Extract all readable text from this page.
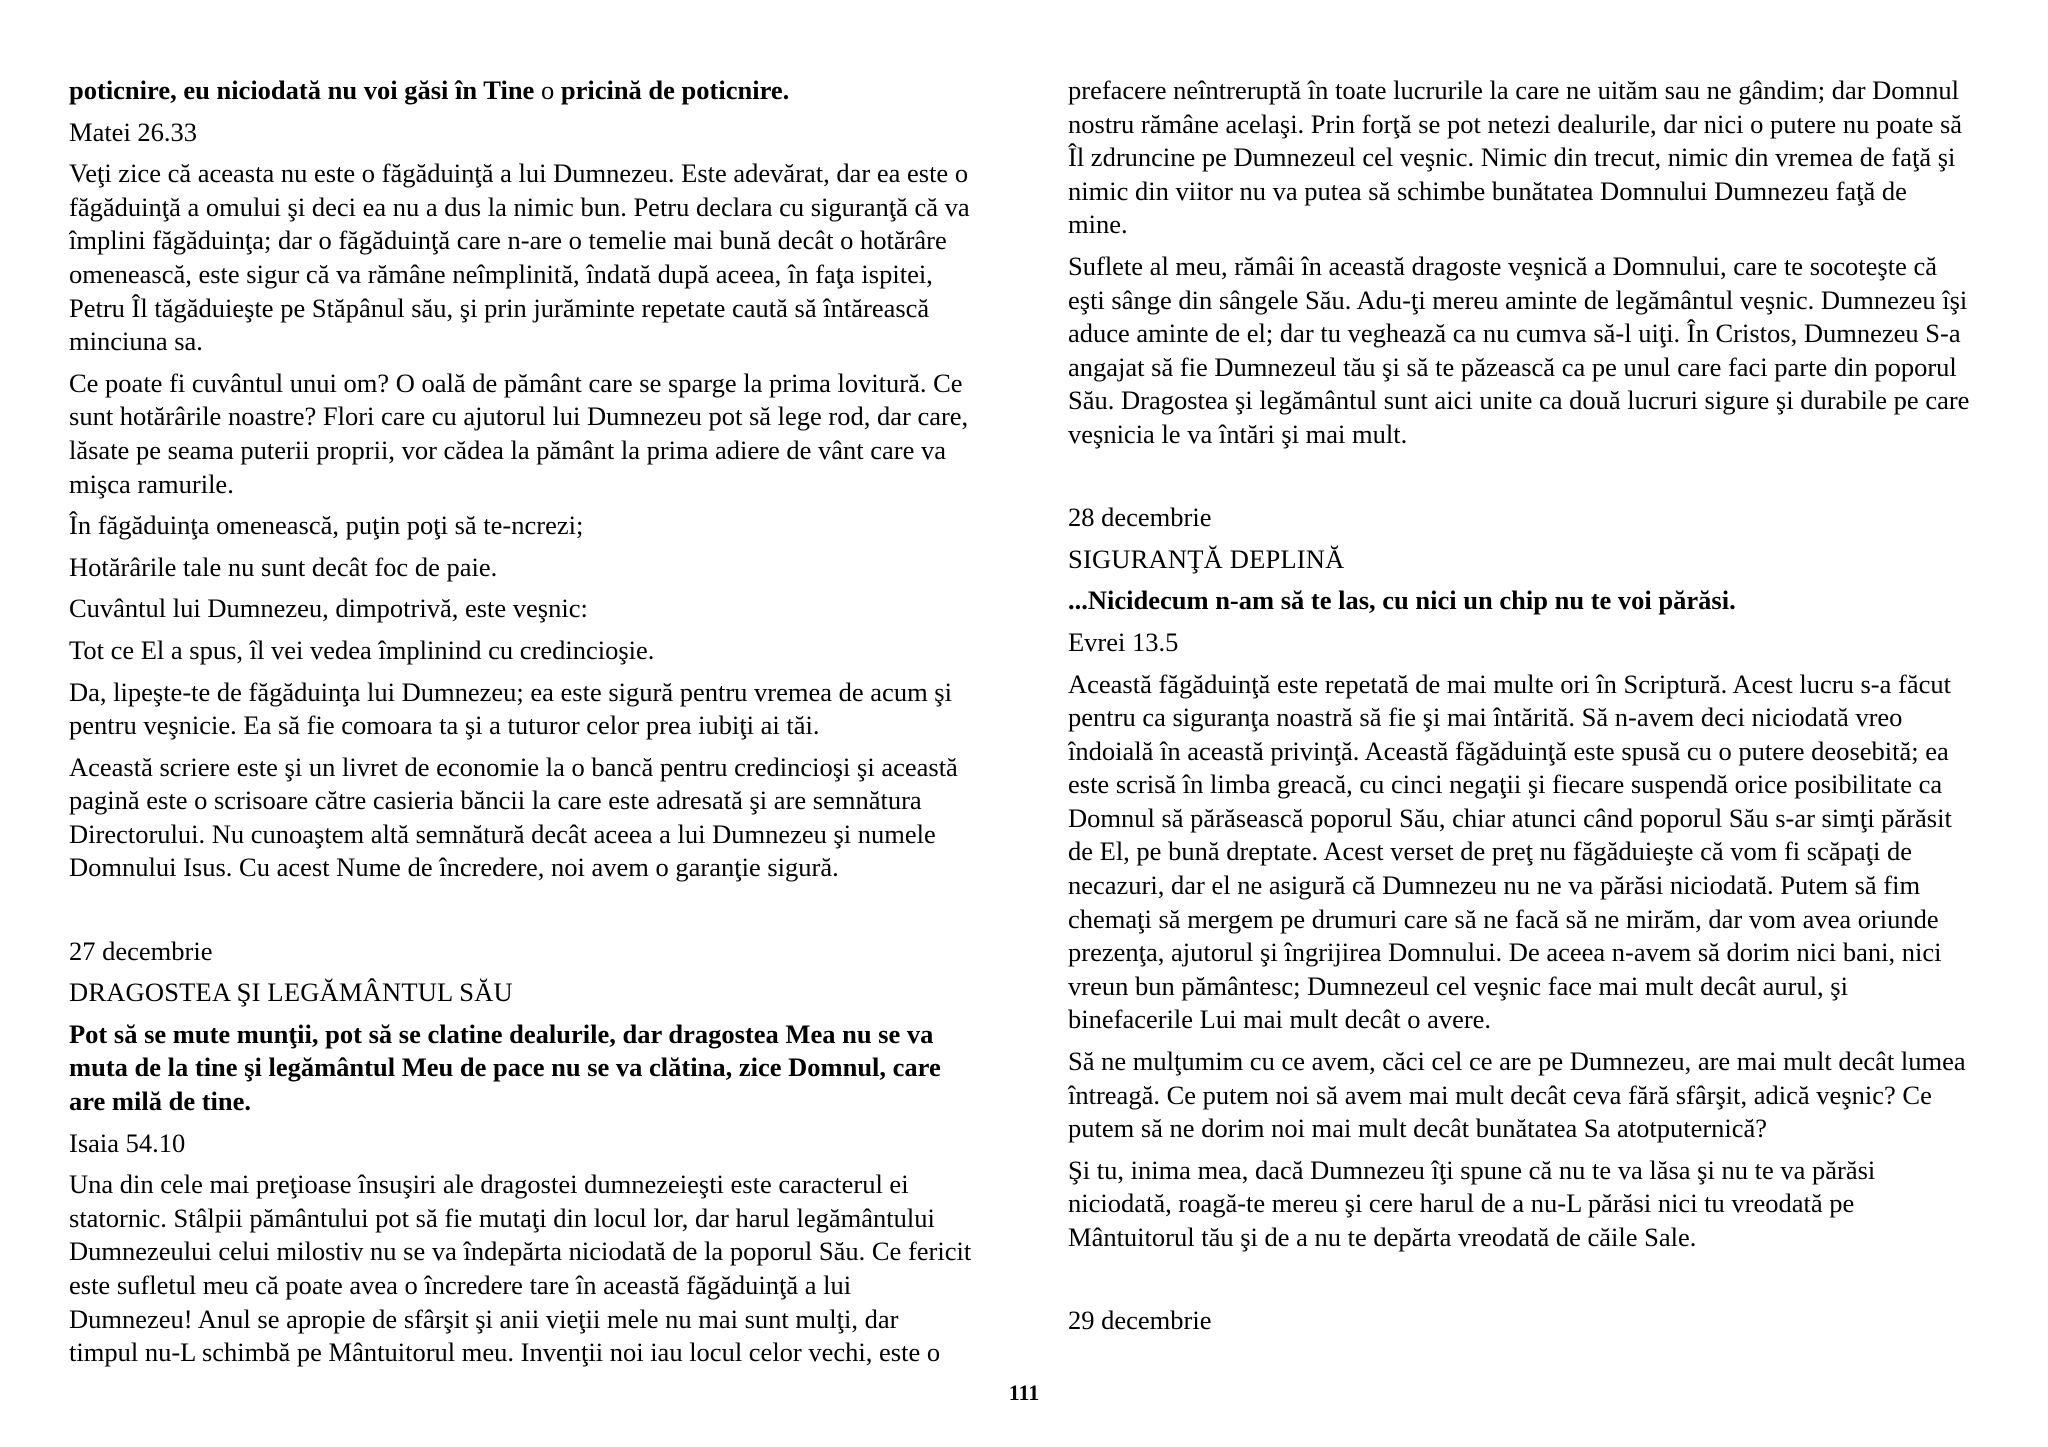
poticnire, eu niciodată nu voi găsi în Tine o pricină de poticnire.
Matei 26.33
Veţi zice că aceasta nu este o făgăduinţă a lui Dumnezeu. Este adevărat, dar ea este o
făgăduinţă a omului şi deci ea nu a dus la nimic bun. Petru declara cu siguranţă că va
împlini făgăduinţa; dar o făgăduinţă care n-are o temelie mai bună decât o hotărâre
omenească, este sigur că va rămâne neîmplinită, îndată după aceea, în faţa ispitei,
Petru Îl tăgăduieşte pe Stăpânul său, şi prin jurăminte repetate caută să întărească
minciuna sa.
Ce poate fi cuvântul unui om? O oală de pământ care se sparge la prima lovitură. Ce
sunt hotărârile noastre? Flori care cu ajutorul lui Dumnezeu pot să lege rod, dar care,
lăsate pe seama puterii proprii, vor cădea la pământ la prima adiere de vânt care va
mişca ramurile.
În făgăduinţa omenească, puţin poţi să te-ncrezi;
Hotărârile tale nu sunt decât foc de paie.
Cuvântul lui Dumnezeu, dimpotrivă, este veşnic:
Tot ce El a spus, îl vei vedea împlinind cu credincioşie.
Da, lipeşte-te de făgăduinţa lui Dumnezeu; ea este sigură pentru vremea de acum şi
pentru veşnicie. Ea să fie comoara ta şi a tuturor celor prea iubiţi ai tăi.
Această scriere este şi un livret de economie la o bancă pentru credincioşi şi această
pagină este o scrisoare către casieria băncii la care este adresată şi are semnătura
Directorului. Nu cunoaştem altă semnătură decât aceea a lui Dumnezeu şi numele
Domnului Isus. Cu acest Nume de încredere, noi avem o garanţie sigură.
27 decembrie
DRAGOSTEA ŞI LEGĂMÂNTUL SĂU
Pot să se mute munţii, pot să se clatine dealurile, dar dragostea Mea nu se va
muta de la tine şi legământul Meu de pace nu se va clătina, zice Domnul, care
are milă de tine.
Isaia 54.10
Una din cele mai preţioase însuşiri ale dragostei dumnezeieşti este caracterul ei
statornic. Stâlpii pământului pot să fie mutaţi din locul lor, dar harul legământului
Dumnezeului celui milostiv nu se va îndepărta niciodată de la poporul Său. Ce fericit
este sufletul meu că poate avea o încredere tare în această făgăduinţă a lui
Dumnezeu! Anul se apropie de sfârşit şi anii vieţii mele nu mai sunt mulţi, dar
timpul nu-L schimbă pe Mântuitorul meu. Invenţii noi iau locul celor vechi, este o
prefacere neîntreruptă în toate lucrurile la care ne uităm sau ne gândim; dar Domnul
nostru rămâne acelaşi. Prin forţă se pot netezi dealurile, dar nici o putere nu poate să
Îl zdruncine pe Dumnezeul cel veşnic. Nimic din trecut, nimic din vremea de faţă şi
nimic din viitor nu va putea să schimbe bunătatea Domnului Dumnezeu faţă de
mine.
Suflete al meu, rămâi în această dragoste veşnică a Domnului, care te socoteşte că
eşti sânge din sângele Său. Adu-ţi mereu aminte de legământul veşnic. Dumnezeu îşi
aduce aminte de el; dar tu veghează ca nu cumva să-l uiţi. În Cristos, Dumnezeu S-a
angajat să fie Dumnezeul tău şi să te păzească ca pe unul care faci parte din poporul
Său. Dragostea şi legământul sunt aici unite ca două lucruri sigure şi durabile pe care
veşnicia le va întări şi mai mult.
28 decembrie
SIGURANŢĂ DEPLINĂ
...Nicidecum n-am să te las, cu nici un chip nu te voi părăsi.
Evrei 13.5
Această făgăduinţă este repetată de mai multe ori în Scriptură. Acest lucru s-a făcut
pentru ca siguranţa noastră să fie şi mai întărită. Să n-avem deci niciodată vreo
îndoială în această privinţă. Această făgăduinţă este spusă cu o putere deosebită; ea
este scrisă în limba greacă, cu cinci negaţii şi fiecare suspendă orice posibilitate ca
Domnul să părăsească poporul Său, chiar atunci când poporul Său s-ar simţi părăsit
de El, pe bună dreptate. Acest verset de preţ nu făgăduieşte că vom fi scăpaţi de
necazuri, dar el ne asigură că Dumnezeu nu ne va părăsi niciodată. Putem să fim
chemaţi să mergem pe drumuri care să ne facă să ne mirăm, dar vom avea oriunde
prezenţa, ajutorul şi îngrijirea Domnului. De aceea n-avem să dorim nici bani, nici
vreun bun pământesc; Dumnezeul cel veşnic face mai mult decât aurul, şi
binefacerile Lui mai mult decât o avere.
Să ne mulţumim cu ce avem, căci cel ce are pe Dumnezeu, are mai mult decât lumea
întreagă. Ce putem noi să avem mai mult decât ceva fără sfârşit, adică veşnic? Ce
putem să ne dorim noi mai mult decât bunătatea Sa atotputernică?
Şi tu, inima mea, dacă Dumnezeu îţi spune că nu te va lăsa şi nu te va părăsi
niciodată, roagă-te mereu şi cere harul de a nu-L părăsi nici tu vreodată pe
Mântuitorul tău şi de a nu te depărta vreodată de căile Sale.
29 decembrie
111
